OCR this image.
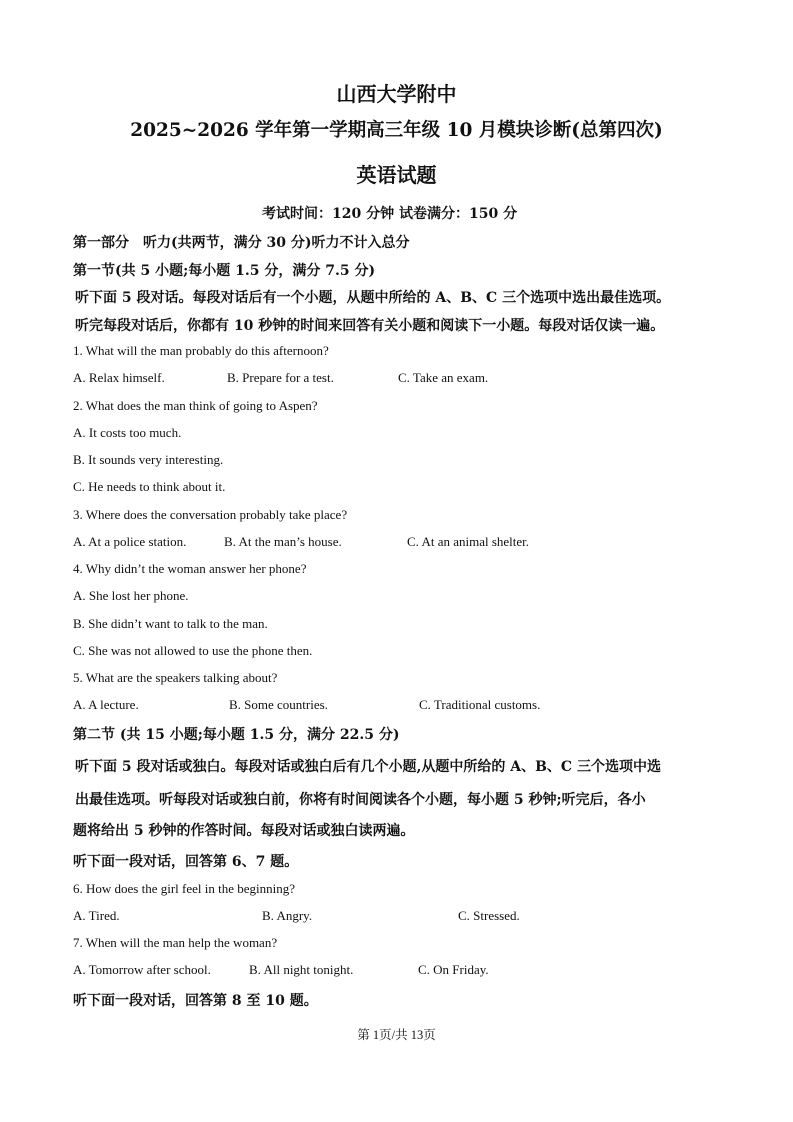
山西大学附中
2025~2026 学年第一学期高三年级 10 月模块诊断(总第四次)
英语试题
考试时间：120 分钟 试卷满分：150 分
第一部分　听力(共两节，满分 30 分)听力不计入总分
第一节(共 5 小题;每小题 1.5 分，满分 7.5 分)
听下面 5 段对话。每段对话后有一个小题，从题中所给的 A、B、C 三个选项中选出最佳选项。
听完每段对话后，你都有 10 秒钟的时间来回答有关小题和阅读下一小题。每段对话仅读一遍。
1. What will the man probably do this afternoon?
A. Relax himself.	B. Prepare for a test.	C. Take an exam.
2. What does the man think of going to Aspen?
A. It costs too much.
B. It sounds very interesting.
C. He needs to think about it.
3. Where does the conversation probably take place?
A. At a police station.	B. At the man’s house.	C. At an animal shelter.
4. Why didn’t the woman answer her phone?
A. She lost her phone.
B. She didn’t want to talk to the man.
C. She was not allowed to use the phone then.
5. What are the speakers talking about?
A. A lecture.	B. Some countries.	C. Traditional customs.
第二节 (共 15 小题;每小题 1.5 分，满分 22.5 分)
听下面 5 段对话或独白。每段对话或独白后有几个小题,从题中所给的 A、B、C 三个选项中选
出最佳选项。听每段对话或独白前，你将有时间阅读各个小题，每小题 5 秒钟;听完后，各小
题将给出 5 秒钟的作答时间。每段对话或独白读两遍。
听下面一段对话，回答第 6、7 题。
6. How does the girl feel in the beginning?
A. Tired.	B. Angry.	C. Stressed.
7. When will the man help the woman?
A. Tomorrow after school.	B. All night tonight.	C. On Friday.
听下面一段对话，回答第 8 至 10 题。
第 1页/共 13页
